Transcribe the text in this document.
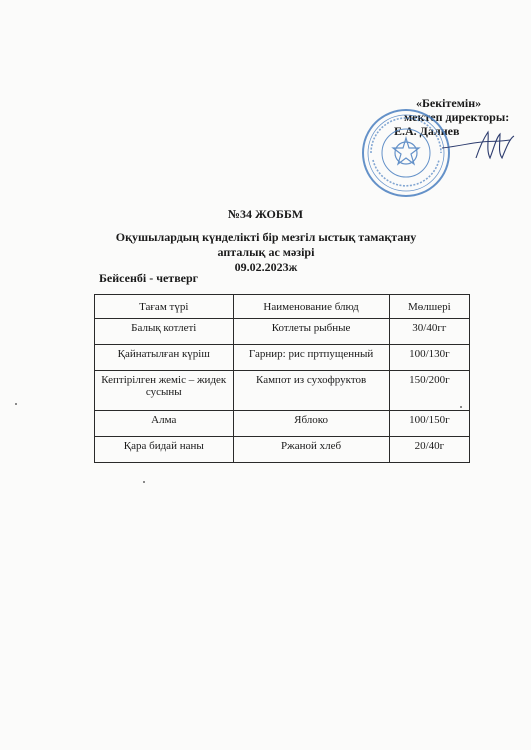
«Бекітемін»
мектеп директоры:
Е.А. Далиев
№34 ЖОББМ
Оқушылардың күнделікті бір мезгіл ыстық тамақтану апталық ас мәзірі
09.02.2023ж
Бейсенбі - четверг
Тағам түрі	Наименование блюд	Мөлшері
Балық котлеті	Котлеты рыбные	30/40гг
Қайнатылған күріш	Гарнир: рис пртпущенный	100/130г
Кептірілген жеміс – жидек сусыны	Кампот из сухофруктов	150/200г
Алма	Яблоко	100/150г
Қара бидай наны	Ржаной хлеб	20/40г
